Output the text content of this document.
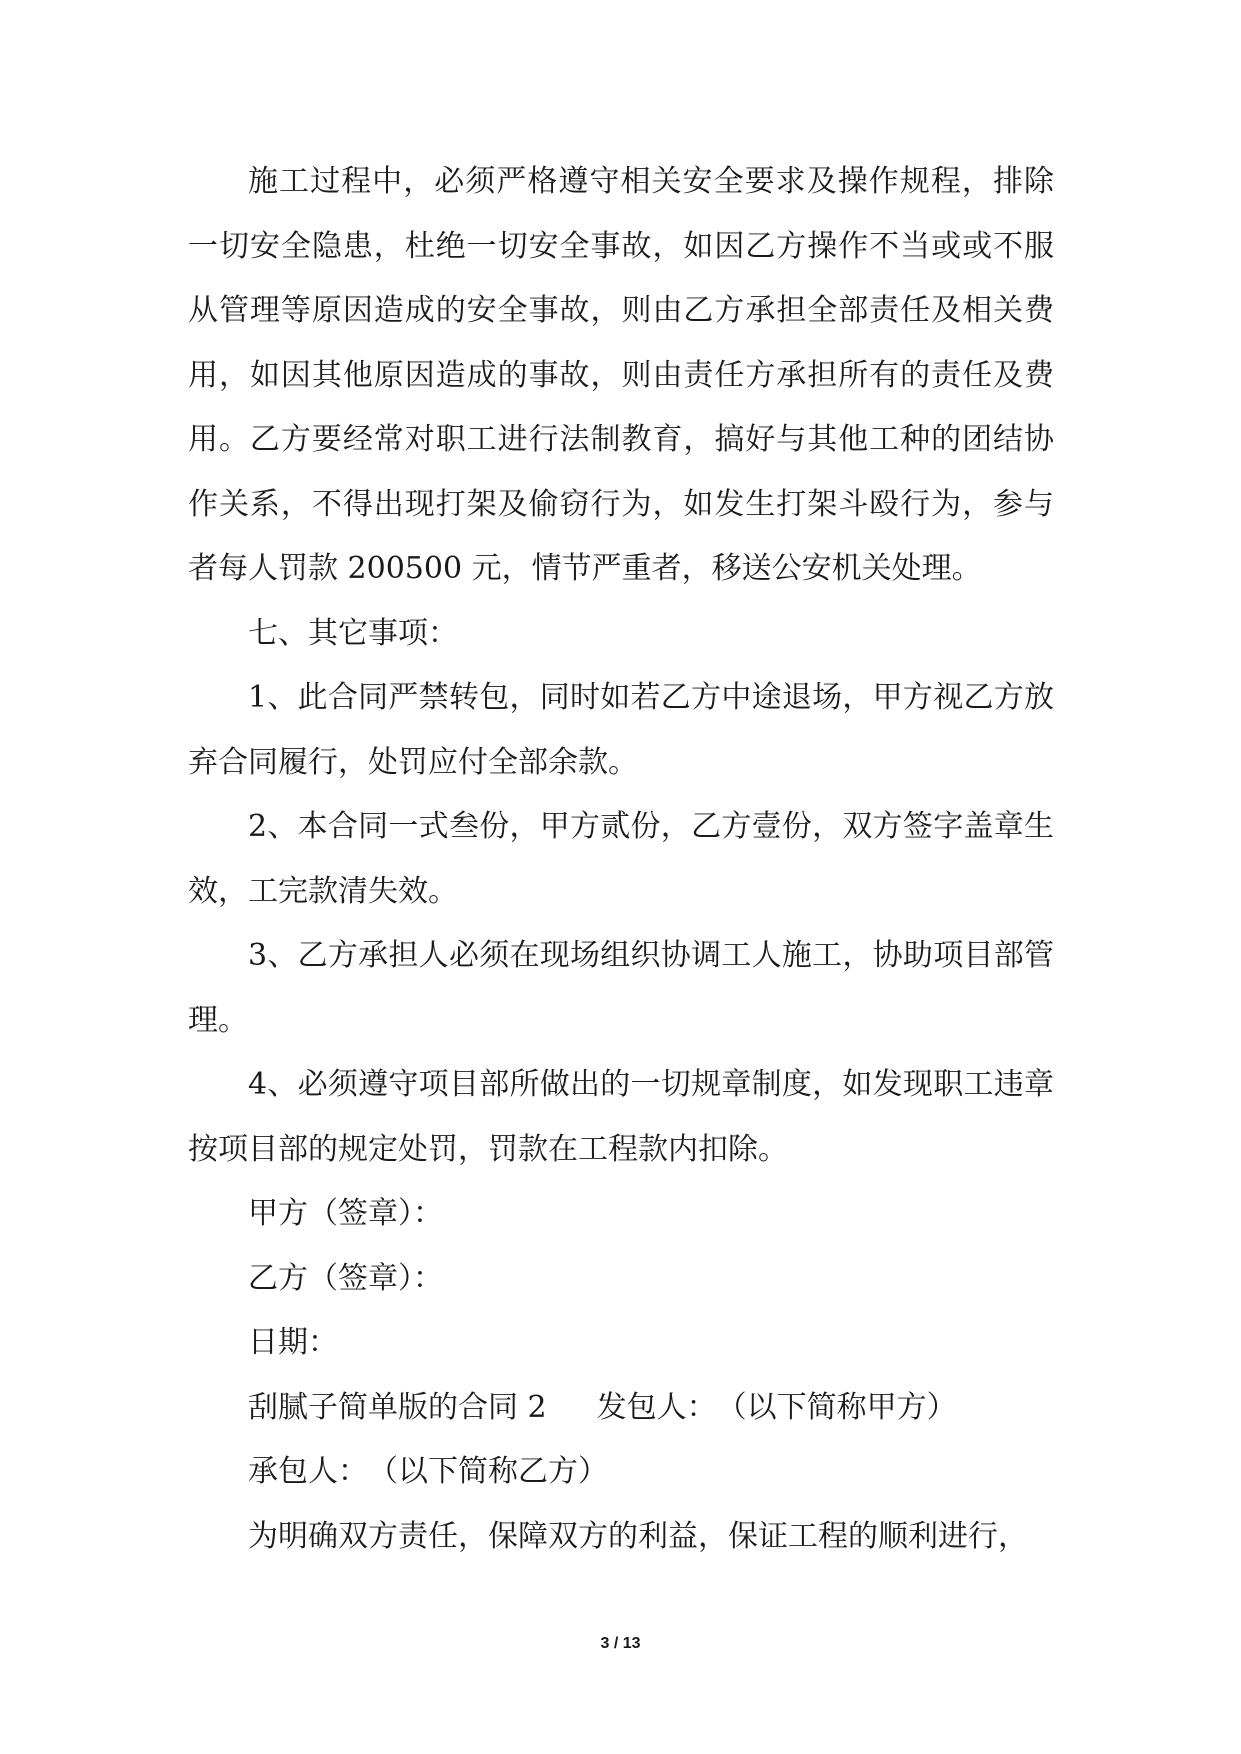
施工过程中，必须严格遵守相关安全要求及操作规程，排除一切安全隐患，杜绝一切安全事故，如因乙方操作不当或或不服从管理等原因造成的安全事故，则由乙方承担全部责任及相关费用，如因其他原因造成的事故，则由责任方承担所有的责任及费用。乙方要经常对职工进行法制教育，搞好与其他工种的团结协作关系，不得出现打架及偷窃行为，如发生打架斗殴行为，参与者每人罚款 200500 元，情节严重者，移送公安机关处理。

七、其它事项：

1、此合同严禁转包，同时如若乙方中途退场，甲方视乙方放弃合同履行，处罚应付全部余款。

2、本合同一式叁份，甲方贰份，乙方壹份，双方签字盖章生效，工完款清失效。

3、乙方承担人必须在现场组织协调工人施工，协助项目部管理。

4、必须遵守项目部所做出的一切规章制度，如发现职工违章按项目部的规定处罚，罚款在工程款内扣除。

甲方（签章）：

乙方（签章）：

日期：

刮腻子简单版的合同 2 发包人：　（以下简称甲方）

承包人：　（以下简称乙方）

为明确双方责任，保障双方的利益，保证工程的顺利进行，

3 / 13
